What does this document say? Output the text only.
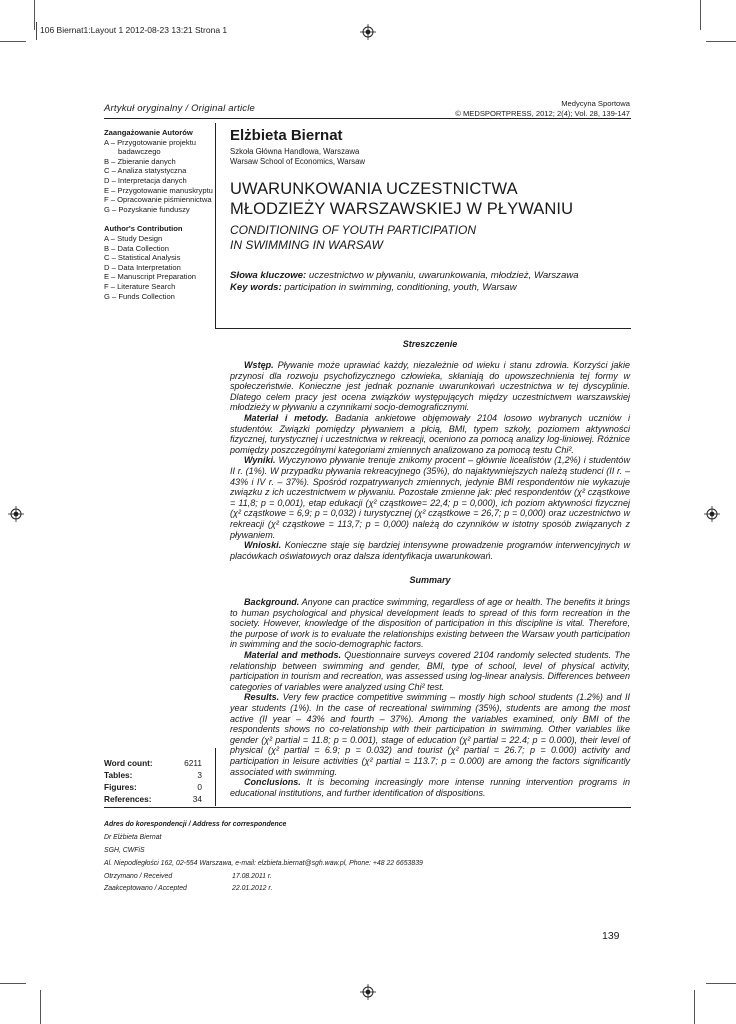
106 Biernat1:Layout 1 2012-08-23 13:21 Strona 1
Artykuł oryginalny / Original article	Medycyna Sportowa
© MEDSPORTPRESS, 2012; 2(4); Vol. 28, 139-147
Zaangażowanie Autorów
A – Przygotowanie projektu
badawczego
B – Zbieranie danych
C – Analiza statystyczna
D – Interpretacja danych
E – Przygotowanie manuskryptu
F – Opracowanie piśmiennictwa
G – Pozyskanie funduszy
Author's Contribution
A – Study Design
B – Data Collection
C – Statistical Analysis
D – Data Interpretation
E – Manuscript Preparation
F – Literature Search
G – Funds Collection
Elżbieta Biernat
Szkoła Główna Handlowa, Warszawa
Warsaw School of Economics, Warsaw
UWARUNKOWANIA UCZESTNICTWA
MŁODZIEŻY WARSZAWSKIEJ W PŁYWANIU
CONDITIONING OF YOUTH PARTICIPATION
IN SWIMMING IN WARSAW
Słowa kluczowe: uczestnictwo w pływaniu, uwarunkowania, młodzież, Warszawa
Key words: participation in swimming, conditioning, youth, Warsaw
Streszczenie

Wstęp. Pływanie może uprawiać każdy, niezależnie od wieku i stanu zdrowia. Korzyści jakie przynosi dla rozwoju psychofizycznego człowieka, skłaniają do upowszechnienia tej formy w społeczeństwie. Konieczne jest jednak poznanie uwarunkowań uczestnictwa w tej dyscyplinie. Dlatego celem pracy jest ocena związków występujących między uczestnictwem warszawskiej młodzieży w pływaniu a czynnikami socjo-demograficznymi.

Materiał i metody. Badania ankietowe objęmowały 2104 losowo wybranych uczniów i studentów. Związki pomiędzy pływaniem a płcią, BMI, typem szkoły, poziomem aktywności fizycznej, turystycznej i uczestnictwa w rekreacji, oceniono za pomocą analizy log-liniowej. Różnice pomiędzy poszczególnymi kategoriami zmiennych analizowano za pomocą testu Chi².

Wyniki. Wyczynowo pływanie trenuje znikomy procent – głównie licealistów (1,2%) i studentów II r. (1%). W przypadku pływania rekreacyjnego (35%), do najaktywniejszych należą studenci (II r. – 43% i IV r. – 37%). Spośród rozpatrywanych zmiennych, jedynie BMI respondentów nie wykazuje związku z ich uczestnictwem w pływaniu. Pozostałe zmienne jak: płeć respondentów (χ² cząstkowe = 11,8; p = 0,001), etap edukacji (χ² cząstkowe= 22,4; p = 0,000), ich poziom aktywności fizycznej (χ² cząstkowe = 6,9; p = 0,032) i turystycznej (χ² cząstkowe = 26,7; p = 0,000) oraz uczestnictwo w rekreacji (χ² cząstkowe = 113,7; p = 0,000) należą do czynników w istotny sposób związanych z pływaniem.

Wnioski. Konieczne staje się bardziej intensywne prowadzenie programów interwencyjnych w placówkach oświatowych oraz dalsza identyfikacja uwarunkowań.

Summary

Background. Anyone can practice swimming, regardless of age or health. The benefits it brings to human psychological and physical development leads to spread of this form recreation in the society. However, knowledge of the disposition of participation in this discipline is vital. Therefore, the purpose of work is to evaluate the relationships existing between the Warsaw youth participation in swimming and the socio-demographic factors.

Material and methods. Questionnaire surveys covered 2104 randomly selected students. The relationship between swimming and gender, BMI, type of school, level of physical activity, participation in tourism and recreation, was assessed using log-linear analysis. Differences between categories of variables were analyzed using Chi² test.

Results. Very few practice competitive swimming – mostly high school students (1.2%) and II year students (1%). In the case of recreational swimming (35%), students are among the most active (II year – 43% and fourth – 37%). Among the variables examined, only BMI of the respondents shows no co-relationship with their participation in swimming. Other variables like gender (χ² partial = 11.8; p = 0.001), stage of education (χ² partial = 22.4; p = 0.000), their level of physical (χ² partial = 6.9; p = 0.032) and tourist (χ² partial = 26.7; p = 0.000) activity and participation in leisure activities (χ² partial = 113.7; p = 0.000) are among the factors significantly associated with swimming.

Conclusions. It is becoming increasingly more intense running intervention programs in educational institutions, and further identification of dispositions.

Word count:	6211
Tables:	3
Figures:	0
References:	34
Adres do korespondencji / Address for correspondence
Dr Elżbieta Biernat
SGH, CWFiS
Al. Niepodległości 162, 02-554 Warszawa, e-mail: elzbieta.biernat@sgh.waw.pl, Phone: +48 22 6653839
Otrzymano / Received	17.08.2011 r.
Zaakceptowano / Accepted	22.01.2012 r.
139
